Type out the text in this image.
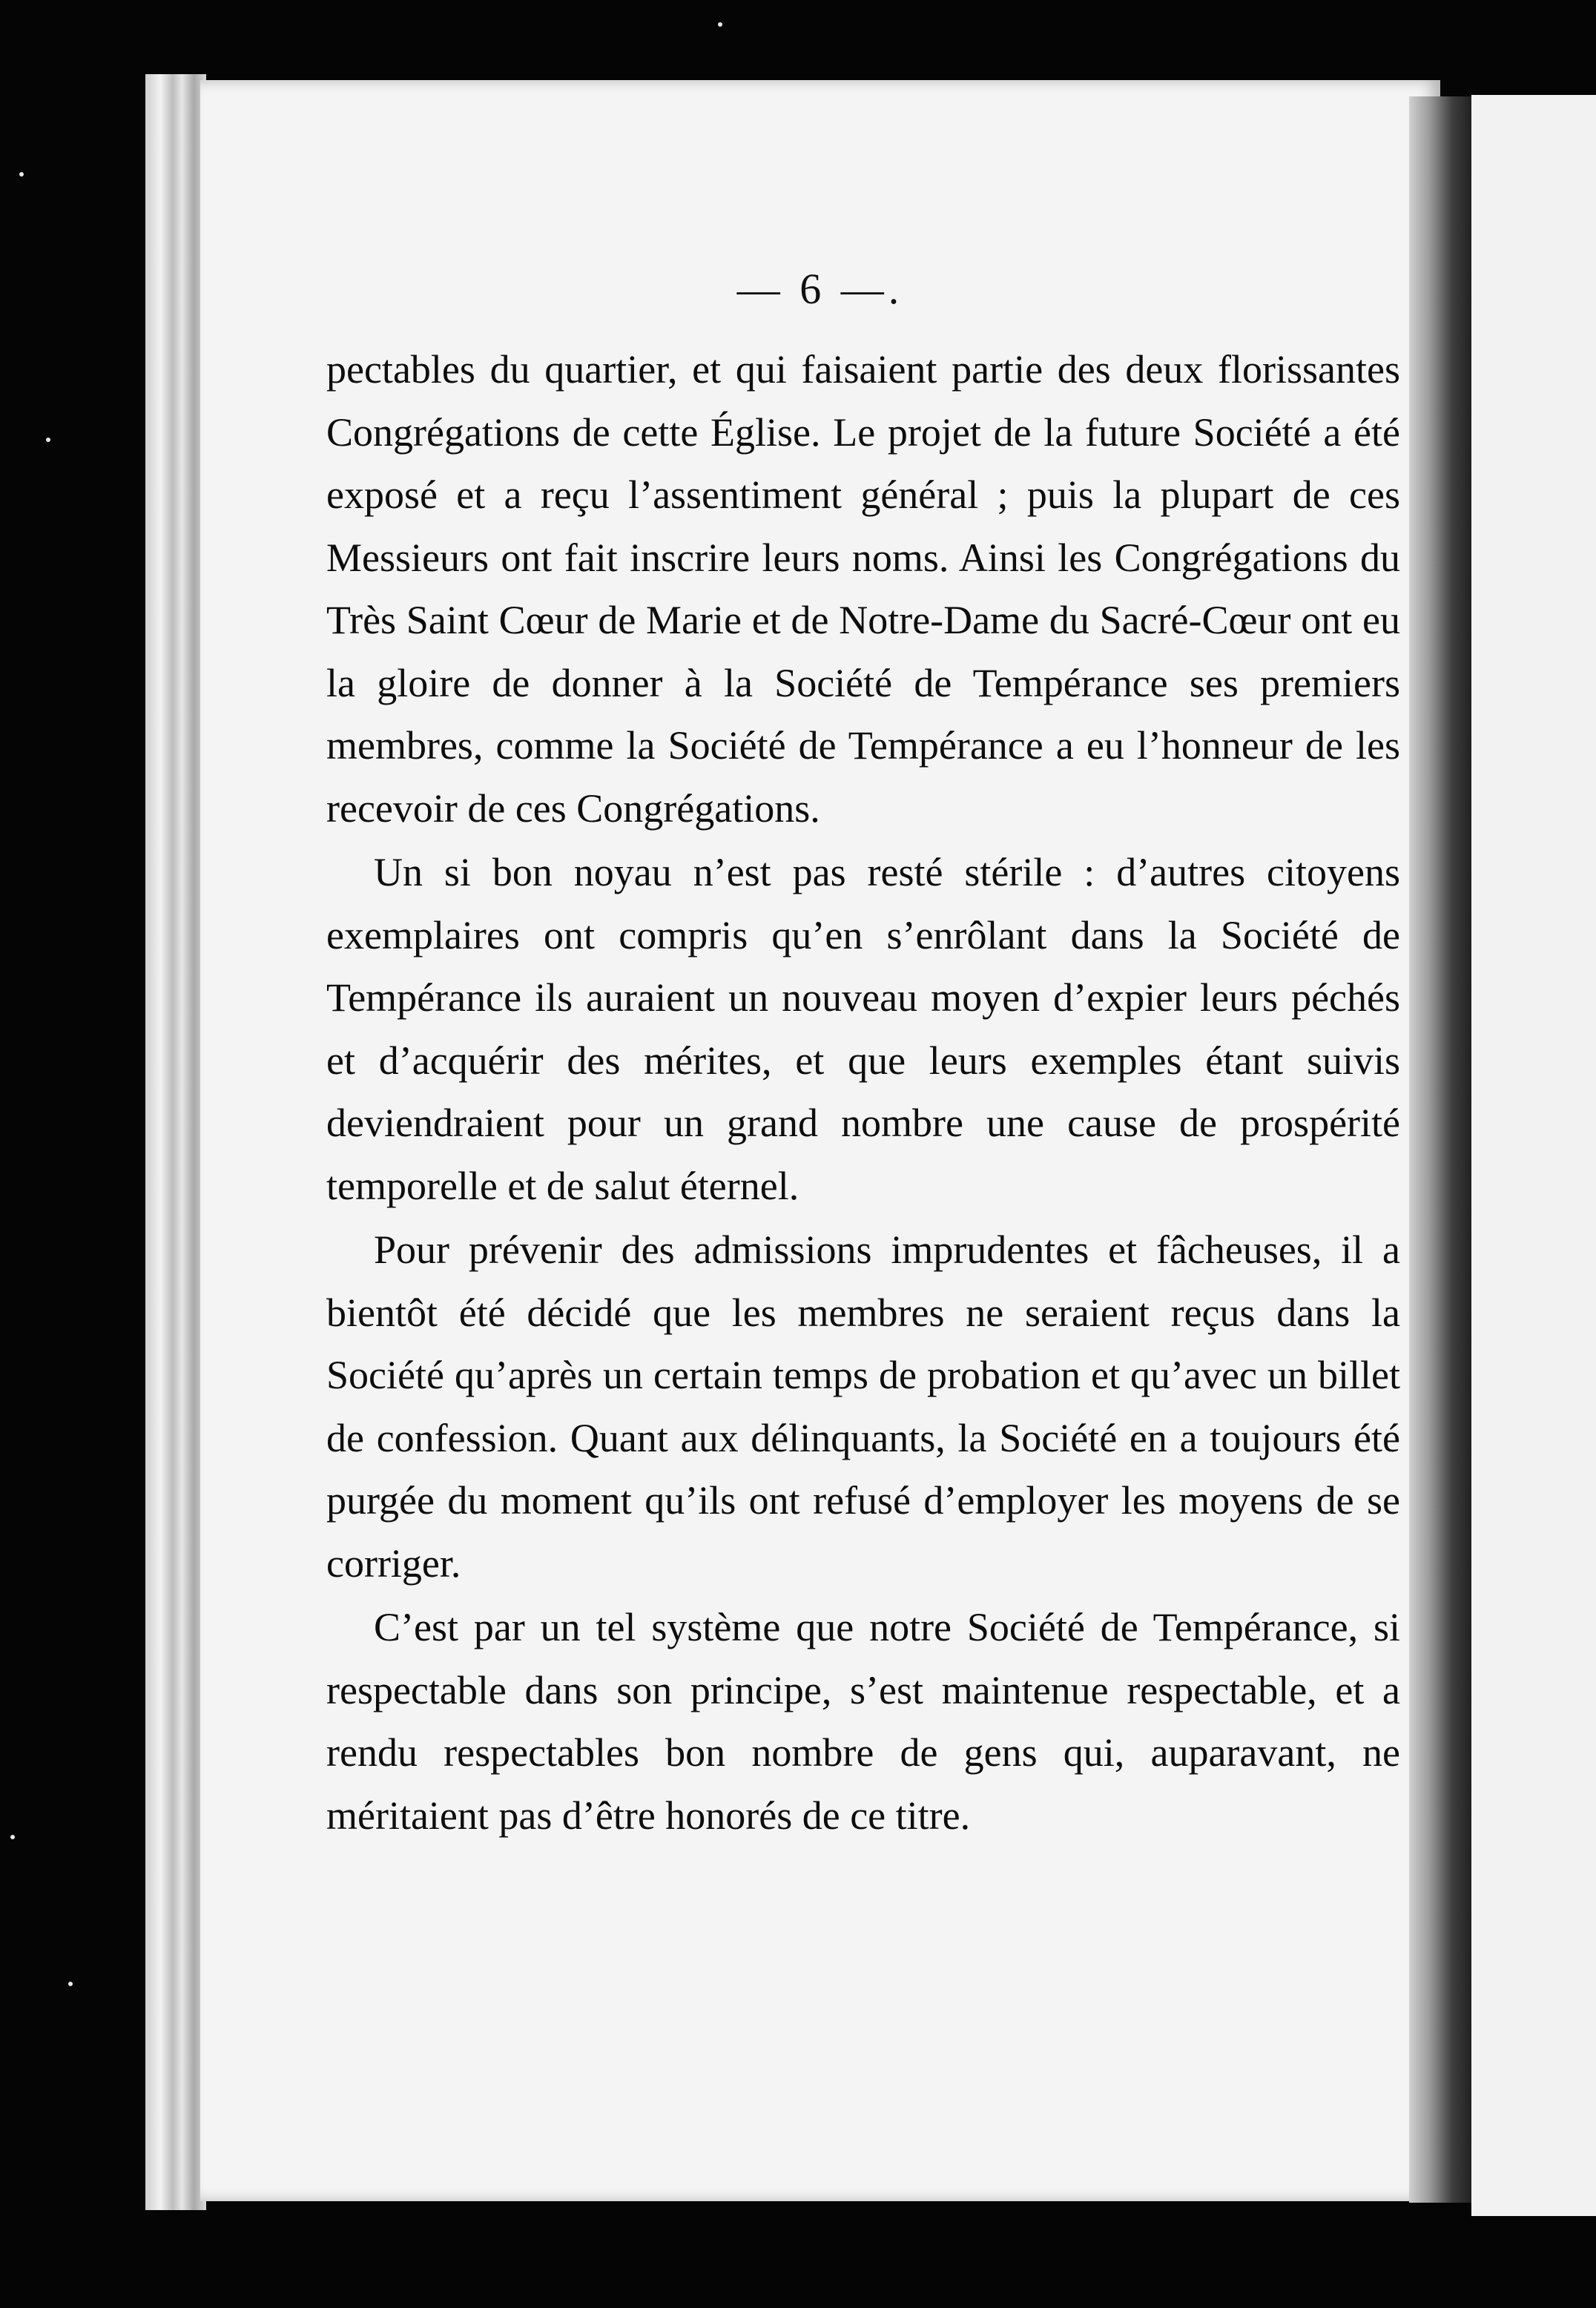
— 6 —.

pectables du quartier, et qui faisaient partie des deux florissantes Congrégations de cette Église. Le projet de la future Société a été exposé et a reçu l’assentiment général ; puis la plupart de ces Messieurs ont fait inscrire leurs noms. Ainsi les Congrégations du Très Saint Cœur de Marie et de Notre-Dame du Sacré-Cœur ont eu la gloire de donner à la Société de Tempérance ses premiers membres, comme la Société de Tempérance a eu l’honneur de les recevoir de ces Congrégations.

Un si bon noyau n’est pas resté stérile : d’autres citoyens exemplaires ont compris qu’en s’enrôlant dans la Société de Tempérance ils auraient un nouveau moyen d’expier leurs péchés et d’acquérir des mérites, et que leurs exemples étant suivis deviendraient pour un grand nombre une cause de prospérité temporelle et de salut éternel.

Pour prévenir des admissions imprudentes et fâcheuses, il a bientôt été décidé que les membres ne seraient reçus dans la Société qu’après un certain temps de probation et qu’avec un billet de confession. Quant aux délinquants, la Société en a toujours été purgée du moment qu’ils ont refusé d’employer les moyens de se corriger.

C’est par un tel système que notre Société de Tempérance, si respectable dans son principe, s’est maintenue respectable, et a rendu respectables bon nombre de gens qui, auparavant, ne méritaient pas d’être honorés de ce titre.
